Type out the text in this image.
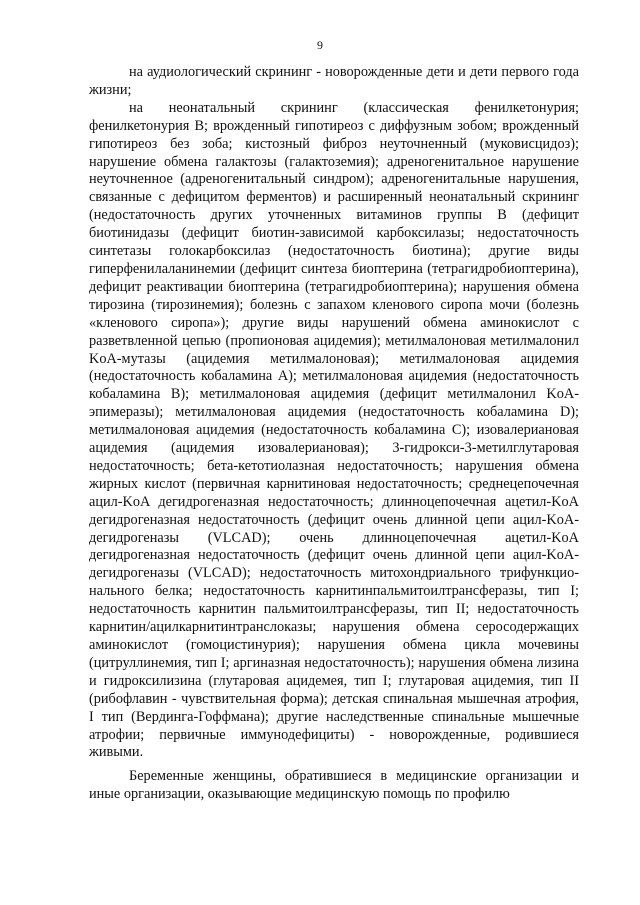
9

на аудиологический скрининг - новорожденные дети и дети первого года жизни;

на неонатальный скрининг (классическая фенилкетонурия; фенилкетонурия B; врожденный гипотиреоз с диффузным зобом; врожденный гипотиреоз без зоба; кистозный фиброз неуточненный (муковисцидоз); нарушение обмена галактозы (галактоземия); адреногенитальное нарушение неуточненное (адреногенитальный синдром); адреногенитальные нарушения, связанные с дефицитом ферментов) и расширенный неонатальный скрининг (недостаточность других уточненных витаминов группы B (дефицит биотинидазы (дефицит биотин-зависимой карбоксилазы; недостаточность синтетазы голокарбоксилаз (недостаточность биотина); другие виды гиперфенилаланинемии (дефицит синтеза биоптерина (тетрагидробиоптерина), дефицит реактивации биоптерина (тетрагидробиоптерина); нарушения обмена тирозина (тирозинемия); болезнь с запахом кленового сиропа мочи (болезнь «кленового сиропа»); другие виды нарушений обмена аминокислот с разветвленной цепью (пропионовая ацидемия); метилмалоновая метилмалонил KoA-мутазы (ацидемия метилмалоновая); метилмалоновая ацидемия (недостаточность кобаламина A); метилмалоновая ацидемия (недостаточность кобаламина B); метилмалоновая ацидемия (дефицит метилмалонил KoA-эпимеразы); метилмалоновая ацидемия (недостаточность кобаламина D); метилмалоновая ацидемия (недостаточность кобаламина C); изовалериановая ацидемия (ацидемия изовалериановая); 3-гидрокси-3-метилглутаровая недостаточность; бета-кетотиолазная недостаточность; нарушения обмена жирных кислот (первичная карнитиновая недостаточность; среднецепочечная ацил-KoA дегидрогеназная недостаточность; длинноцепочечная ацетил-KoA дегидрогеназная недостаточность (дефицит очень длинной цепи ацил-KoA-дегидрогеназы (VLCAD); очень длинноцепочечная ацетил-KoA дегидрогеназная недостаточность (дефицит очень длинной цепи ацил-KoA-дегидрогеназы (VLCAD); недостаточность митохондриального трифункцио-нального белка; недостаточность карнитинпальмитоилтрансферазы, тип I; недостаточность карнитин пальмитоилтрансферазы, тип II; недостаточность карнитин/ацилкарнитинтранслоказы; нарушения обмена серосодержащих аминокислот (гомоцистинурия); нарушения обмена цикла мочевины (цитруллинемия, тип I; аргиназная недостаточность); нарушения обмена лизина и гидроксилизина (глутаровая ацидемея, тип I; глутаровая ацидемия, тип II (рибофлавин - чувствительная форма); детская спинальная мышечная атрофия, I тип (Вердинга-Гоффмана); другие наследственные спинальные мышечные атрофии; первичные иммунодефициты) - новорожденные, родившиеся живыми.

Беременные женщины, обратившиеся в медицинские организации и иные организации, оказывающие медицинскую помощь по профилю
